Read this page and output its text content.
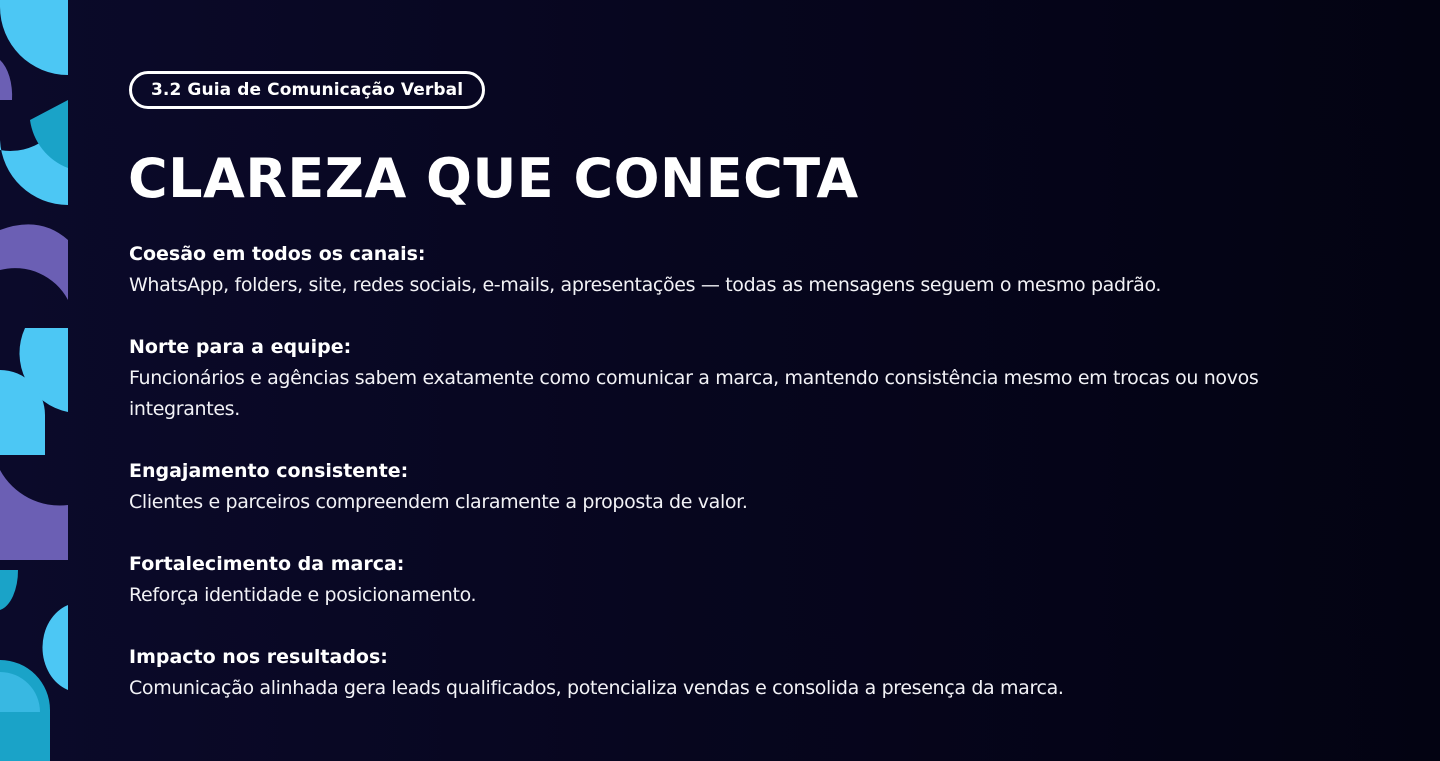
3.2 Guia de Comunicação Verbal
CLAREZA QUE CONECTA
Coesão em todos os canais:
WhatsApp, folders, site, redes sociais, e-mails, apresentações — todas as mensagens seguem o mesmo padrão.
Norte para a equipe:
Funcionários e agências sabem exatamente como comunicar a marca, mantendo consistência mesmo em trocas ou novos integrantes.
Engajamento consistente:
Clientes e parceiros compreendem claramente a proposta de valor.
Fortalecimento da marca:
Reforça identidade e posicionamento.
Impacto nos resultados:
Comunicação alinhada gera leads qualificados, potencializa vendas e consolida a presença da marca.
